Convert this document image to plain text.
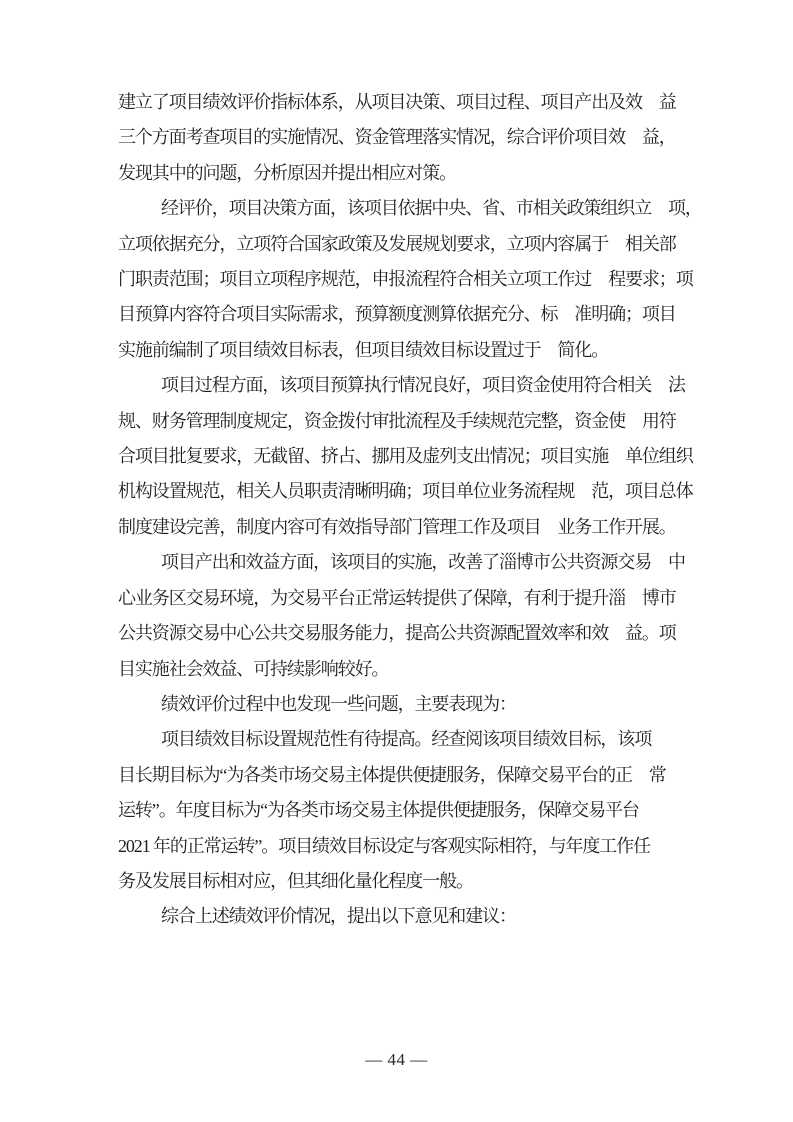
建立了项目绩效评价指标体系，从项目决策、项目过程、项目产出及效　益
三个方面考查项目的实施情况、资金管理落实情况，综合评价项目效　益，
发现其中的问题，分析原因并提出相应对策。
经评价，项目决策方面，该项目依据中央、省、市相关政策组织立　项，
立项依据充分，立项符合国家政策及发展规划要求，立项内容属于　相关部
门职责范围；项目立项程序规范，申报流程符合相关立项工作过　程要求；项
目预算内容符合项目实际需求，预算额度测算依据充分、标　准明确；项目
实施前编制了项目绩效目标表，但项目绩效目标设置过于　简化。
项目过程方面，该项目预算执行情况良好，项目资金使用符合相关　法
规、财务管理制度规定，资金拨付审批流程及手续规范完整，资金使　用符
合项目批复要求，无截留、挤占、挪用及虚列支出情况；项目实施　单位组织
机构设置规范，相关人员职责清晰明确；项目单位业务流程规　范，项目总体
制度建设完善，制度内容可有效指导部门管理工作及项目　业务工作开展。
项目产出和效益方面，该项目的实施，改善了淄博市公共资源交易　中
心业务区交易环境，为交易平台正常运转提供了保障，有利于提升淄　博市
公共资源交易中心公共交易服务能力，提高公共资源配置效率和效　益。项
目实施社会效益、可持续影响较好。
绩效评价过程中也发现一些问题，主要表现为：
项目绩效目标设置规范性有待提高。经查阅该项目绩效目标，该项
目长期目标为“为各类市场交易主体提供便捷服务，保障交易平台的正　常
运转”。年度目标为“为各类市场交易主体提供便捷服务，保障交易平台
2021 年的正常运转”。项目绩效目标设定与客观实际相符，与年度工作任
务及发展目标相对应，但其细化量化程度一般。
综合上述绩效评价情况，提出以下意见和建议：
— 44 —
